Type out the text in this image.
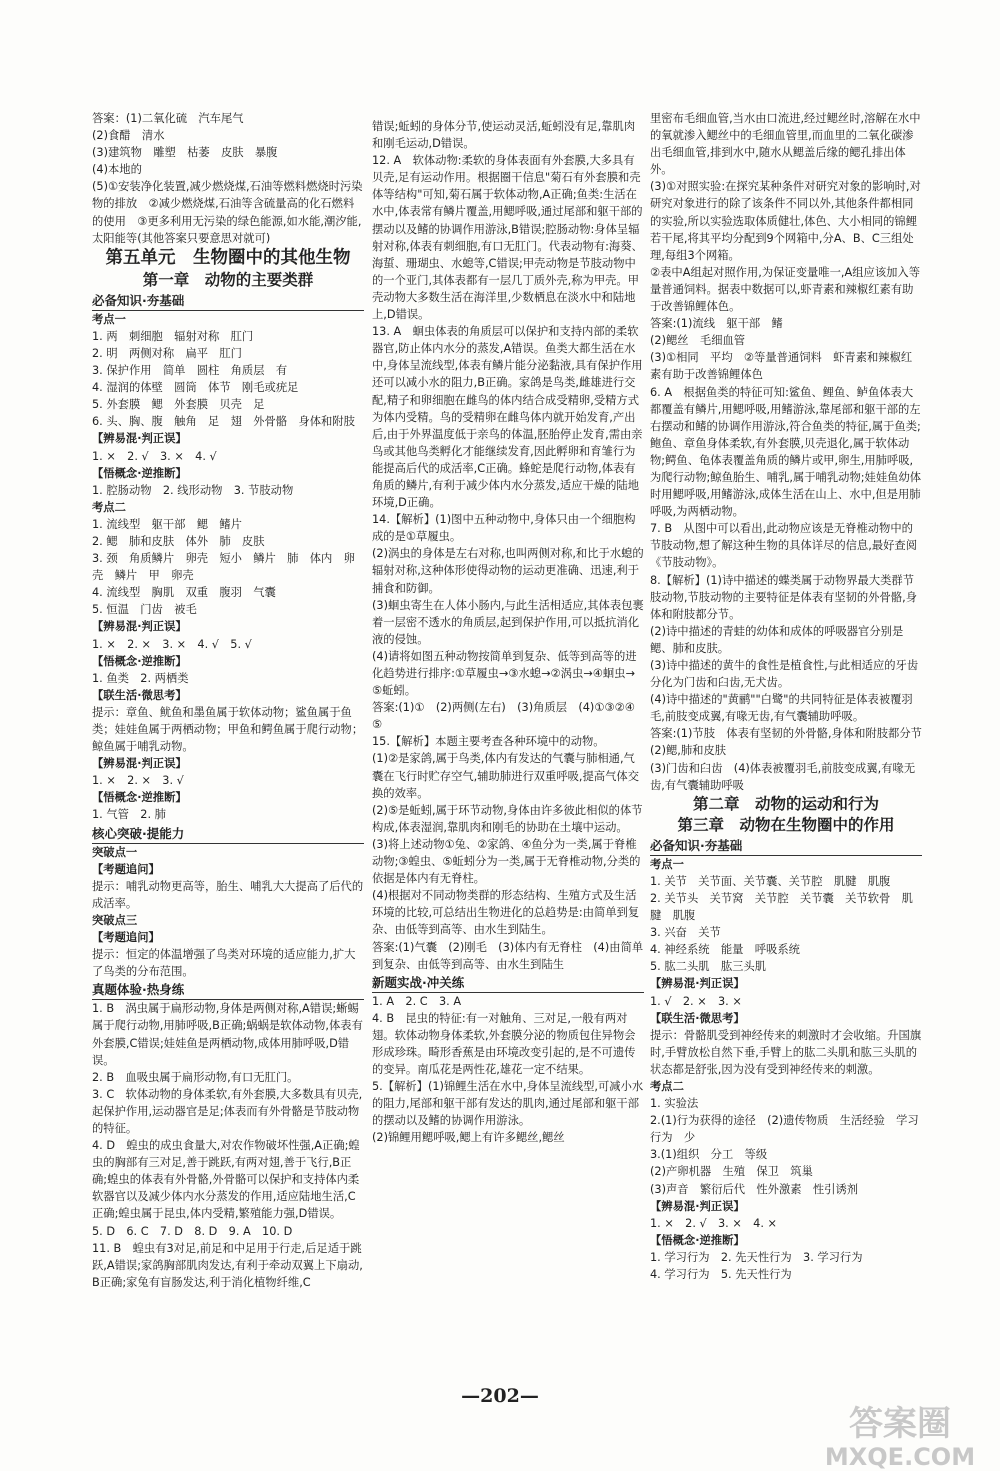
答案：(1)二氧化硫　汽车尾气

(2)食醋　清水

(3)建筑物　雕塑　枯萎　皮肤　暴腹

(4)本地的

(5)①安装净化装置,减少燃烧煤,石油等燃料燃烧时污染物的排放　②减少燃烧煤,石油等含硫量高的化石燃料的使用　③更多利用无污染的绿色能源,如水能,潮汐能,太阳能等(其他答案只要意思对就可)

第五单元　生物圈中的其他生物

第一章　动物的主要类群

必备知识·夯基础

考点一

1. 两　刺细胞　辐射对称　肛门

2. 明　两侧对称　扁平　肛门

3. 保护作用　简单　圆柱　角质层　有

4. 湿润的体壁　圆筒　体节　刚毛或疣足

5. 外套膜　鳃　外套膜　贝壳　足

6. 头、胸、腹　触角　足　翅　外骨骼　身体和附肢

【辨易混·判正误】

1. ×　2. √　3. ×　4. √

【悟概念·逆推断】

1. 腔肠动物　2. 线形动物　3. 节肢动物

考点二

1. 流线型　躯干部　鳃　鳍片

2. 鳃　肺和皮肤　体外　肺　皮肤

3. 颈　角质鳞片　卵壳　短小　鳞片　肺　体内　卵壳　鳞片　甲　卵壳

4. 流线型　胸肌　双重　腹羽　气囊

5. 恒温　门齿　被毛

【辨易混·判正误】

1. ×　2. ×　3. ×　4. √　5. √

【悟概念·逆推断】

1. 鱼类　2. 两栖类

【联生活·微思考】

提示：章鱼、鱿鱼和墨鱼属于软体动物；鲨鱼属于鱼类；娃娃鱼属于两栖动物；甲鱼和鳄鱼属于爬行动物；鲸鱼属于哺乳动物。

【辨易混·判正误】

1. ×　2. ×　3. √

【悟概念·逆推断】

1. 气管　2. 肺

核心突破·提能力

突破点一

【考题追问】

提示：哺乳动物更高等，胎生、哺乳大大提高了后代的成活率。

突破点三

【考题追问】

提示：恒定的体温增强了鸟类对环境的适应能力,扩大了鸟类的分布范围。

真题体验·热身练

1. B　涡虫属于扁形动物,身体是两侧对称,A错误;蜥蜴属于爬行动物,用肺呼吸,B正确;蜗蜗是软体动物,体表有外套膜,C错误;娃娃鱼是两栖动物,成体用肺呼吸,D错误。

2. B　血吸虫属于扁形动物,有口无肛门。

3. C　软体动物的身体柔软,有外套膜,大多数具有贝壳,起保护作用,运动器官是足;体表而有外骨骼是节肢动物的特征。

4. D　蝗虫的成虫食量大,对农作物破坏性强,A正确;蝗虫的胸部有三对足,善于跳跃,有两对翅,善于飞行,B正确;蝗虫的体表有外骨骼,外骨骼可以保护和支持体内柔软器官以及减少体内水分蒸发的作用,适应陆地生活,C正确;蝗虫属于昆虫,体内受精,繁殖能力强,D错误。

5. D　6. C　7. D　8. D　9. A　10. D

11. B　蝗虫有3对足,前足和中足用于行走,后足适于跳跃,A错误;家鸽胸部肌肉发达,有利于牵动双翼上下扇动,B正确;家兔有盲肠发达,利于消化植物纤维,C

错误;蚯蚓的身体分节,使运动灵活,蚯蚓没有足,靠肌肉和刚毛运动,D错误。

12. A　软体动物:柔软的身体表面有外套膜,大多具有贝壳,足有运动作用。根据圈干信息"菊石有外套膜和壳体等结构"可知,菊石属于软体动物,A正确;鱼类:生活在水中,体表常有鳞片覆盖,用鳃呼吸,通过尾部和躯干部的摆动以及鳍的协调作用游泳,B错误;腔肠动物:身体呈辐射对称,体表有刺细胞,有口无肛门。代表动物有:海葵、海蜇、珊瑚虫、水螅等,C错误;甲壳动物是节肢动物中的一个亚门,其体表都有一层几丁质外壳,称为甲壳。甲壳动物大多数生活在海洋里,少数栖息在淡水中和陆地上,D错误。

13. A　蛔虫体表的角质层可以保护和支持内部的柔软器官,防止体内水分的蒸发,A错误。鱼类大都生活在水中,身体呈流线型,体表有鳞片能分泌黏液,具有保护作用还可以减小水的阻力,B正确。家鸽是鸟类,雌雄进行交配,精子和卵细胞在雌鸟的体内结合成受精卵,受精方式为体内受精。鸟的受精卵在雌鸟体内就开始发育,产出后,由于外界温度低于亲鸟的体温,胚胎停止发育,需由亲鸟或其他鸟类孵化才能继续发育,因此孵卵和育雏行为能提高后代的成活率,C正确。蜂蛇是爬行动物,体表有角质的鳞片,有利于减少体内水分蒸发,适应干燥的陆地环境,D正确。

14.【解析】(1)图中五种动物中,身体只由一个细胞构成的是①草履虫。

(2)涡虫的身体是左右对称,也叫两侧对称,和比于水螅的辐射对称,这种体形使得动物的运动更准确、迅速,利于捕食和防御。

(3)蛔虫寄生在人体小肠内,与此生活相适应,其体表包裹着一层密不透水的角质层,起到保护作用,可以抵抗消化液的侵蚀。

(4)请将如图五种动物按简单到复杂、低等到高等的进化趋势进行排序:①草履虫→③水螅→②涡虫→④蛔虫→⑤蚯蚓。

答案:(1)①　(2)两侧(左右)　(3)角质层　(4)①③②④⑤

15.【解析】本题主要考查各种环境中的动物。

(1)②是家鸽,属于鸟类,体内有发达的气囊与肺相通,气囊在飞行时贮存空气,辅助肺进行双重呼吸,提高气体交换的效率。

(2)⑤是蚯蚓,属于环节动物,身体由许多彼此相似的体节构成,体表湿润,靠肌肉和刚毛的协助在土壤中运动。

(3)将上述动物①兔、②家鸽、④鱼分为一类,属于脊椎动物;③蝗虫、⑤蚯蚓分为一类,属于无脊椎动物,分类的依据是体内有无脊柱。

(4)根据对不同动物类群的形态结构、生殖方式及生活环境的比较,可总结出生物进化的总趋势是:由简单到复杂、由低等到高等、由水生到陆生。

答案:(1)气囊　(2)刚毛　(3)体内有无脊柱　(4)由简单到复杂、由低等到高等、由水生到陆生

新题实战·冲关练

1. A　2. C　3. A

4. B　昆虫的特征:有一对触角、三对足,一般有两对翅。软体动物身体柔软,外套膜分泌的物质包住异物会形成珍珠。畸形香蕉是由环境改变引起的,是不可遗传的变异。南瓜花是两性花,雄花一定不结果。

5.【解析】(1)锦鲤生活在水中,身体呈流线型,可减小水的阻力,尾部和躯干部有发达的肌肉,通过尾部和躯干部的摆动以及鳍的协调作用游泳。

(2)锦鲤用鳃呼吸,鳃上有许多鳃丝,鳃丝

里密布毛细血管,当水由口流进,经过鳃丝时,溶解在水中的氧就渗入鳃丝中的毛细血管里,而血里的二氧化碳渗出毛细血管,排到水中,随水从鳃盖后缘的鳃孔排出体外。

(3)①对照实验:在探究某种条件对研究对象的影响时,对研究对象进行的除了该条件不同以外,其他条件都相同的实验,所以实验选取体质健壮,体色、大小相同的锦鲤若干尾,将其平均分配到9个网箱中,分A、B、C三组处理,每组3个网箱。

②表中A组起对照作用,为保证变量唯一,A组应该加入等量普通饲料。据表中数据可以,虾青素和辣椒红素有助于改善锦鲤体色。

答案:(1)流线　躯干部　鳍

(2)鳃丝　毛细血管

(3)①相同　平均　②等量普通饲料　虾青素和辣椒红素有助于改善锦鲤体色

6. A　根据鱼类的特征可知:鲨鱼、鲤鱼、鲈鱼体表大都覆盖有鳞片,用鳃呼吸,用鳍游泳,靠尾部和躯干部的左右摆动和鳍的协调作用游泳,符合鱼类的特征,属于鱼类;鲍鱼、章鱼身体柔软,有外套膜,贝壳退化,属于软体动物;鳄鱼、龟体表覆盖角质的鳞片或甲,卵生,用肺呼吸,为爬行动物;鲸鱼胎生、哺乳,属于哺乳动物;娃娃鱼幼体时用鳃呼吸,用鳍游泳,成体生活在山上、水中,但是用肺呼吸,为两栖动物。

7. B　从图中可以看出,此动物应该是无脊椎动物中的节肢动物,想了解这种生物的具体详尽的信息,最好查阅《节肢动物》。

8.【解析】(1)诗中描述的蝶类属于动物界最大类群节肢动物,节肢动物的主要特征是体表有坚韧的外骨骼,身体和附肢都分节。

(2)诗中描述的青蛙的幼体和成体的呼吸器官分别是鳃、肺和皮肤。

(3)诗中描述的黄牛的食性是植食性,与此相适应的牙齿分化为门齿和臼齿,无犬齿。

(4)诗中描述的"黄鹂""白鹭"的共同特征是体表被覆羽毛,前肢变成翼,有喙无齿,有气囊辅助呼吸。

答案:(1)节肢　体表有坚韧的外骨骼,身体和附肢都分节　(2)鳃,肺和皮肤

(3)门齿和臼齿　(4)体表被覆羽毛,前肢变成翼,有喙无齿,有气囊辅助呼吸

第二章　动物的运动和行为

第三章　动物在生物圈中的作用

必备知识·夯基础

考点一

1. 关节　关节面、关节囊、关节腔　肌腱　肌腹

2. 关节头　关节窝　关节腔　关节囊　关节软骨　肌腱　肌腹

3. 兴奋　关节

4. 神经系统　能量　呼吸系统

5. 肱二头肌　肱三头肌

【辨易混·判正误】

1. √　2. ×　3. ×

【联生活·微思考】

提示：骨骼肌受到神经传来的刺激时才会收缩。升国旗时,手臂放松自然下垂,手臂上的肱二头肌和肱三头肌的状态都是舒张,因为没有受到神经传来的刺激。

考点二

1. 实验法

2.(1)行为获得的途径　(2)遗传物质　生活经验　学习行为　少

3.(1)组织　分工　等级

(2)产卵机器　生殖　保卫　筑巢

(3)声音　繁衍后代　性外激素　性引诱剂

【辨易混·判正误】

1. ×　2. √　3. ×　4. ×

【悟概念·逆推断】

1. 学习行为　2. 先天性行为　3. 学习行为

4. 学习行为　5. 先天性行为

—202—
答案圈
MXQE.COM
